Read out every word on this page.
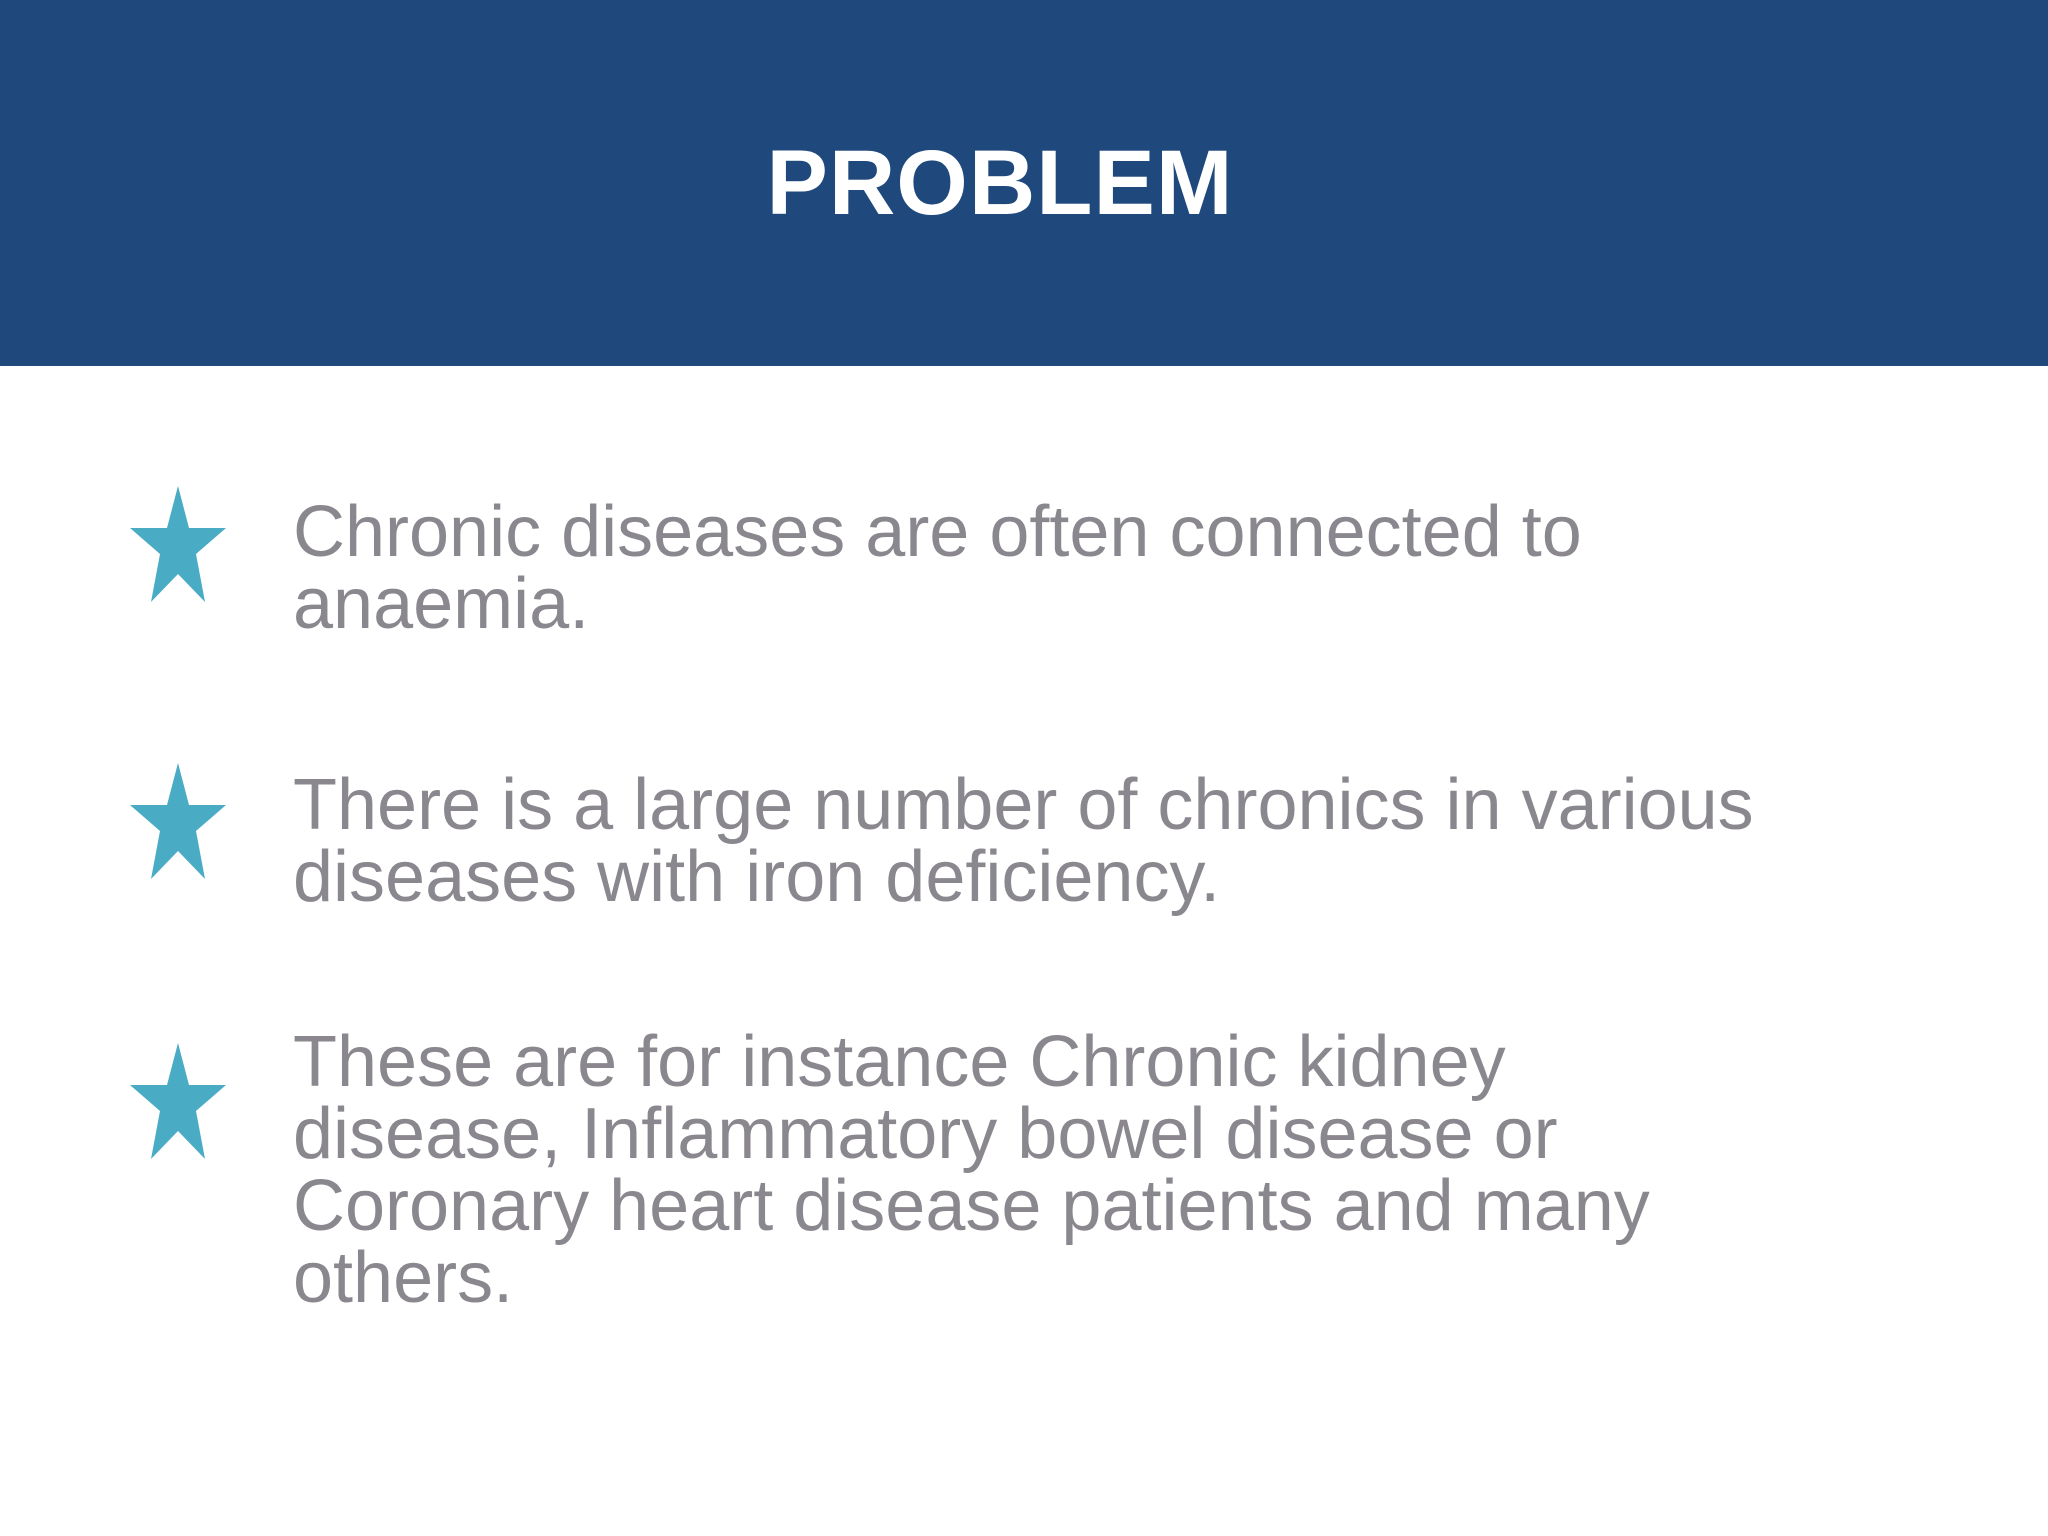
PROBLEM

Chronic diseases are often connected to
anaemia.

There is a large number of chronics in various
diseases with iron deficiency.

These are for instance Chronic kidney
disease, Inflammatory bowel disease or
Coronary heart disease patients and many
others.
